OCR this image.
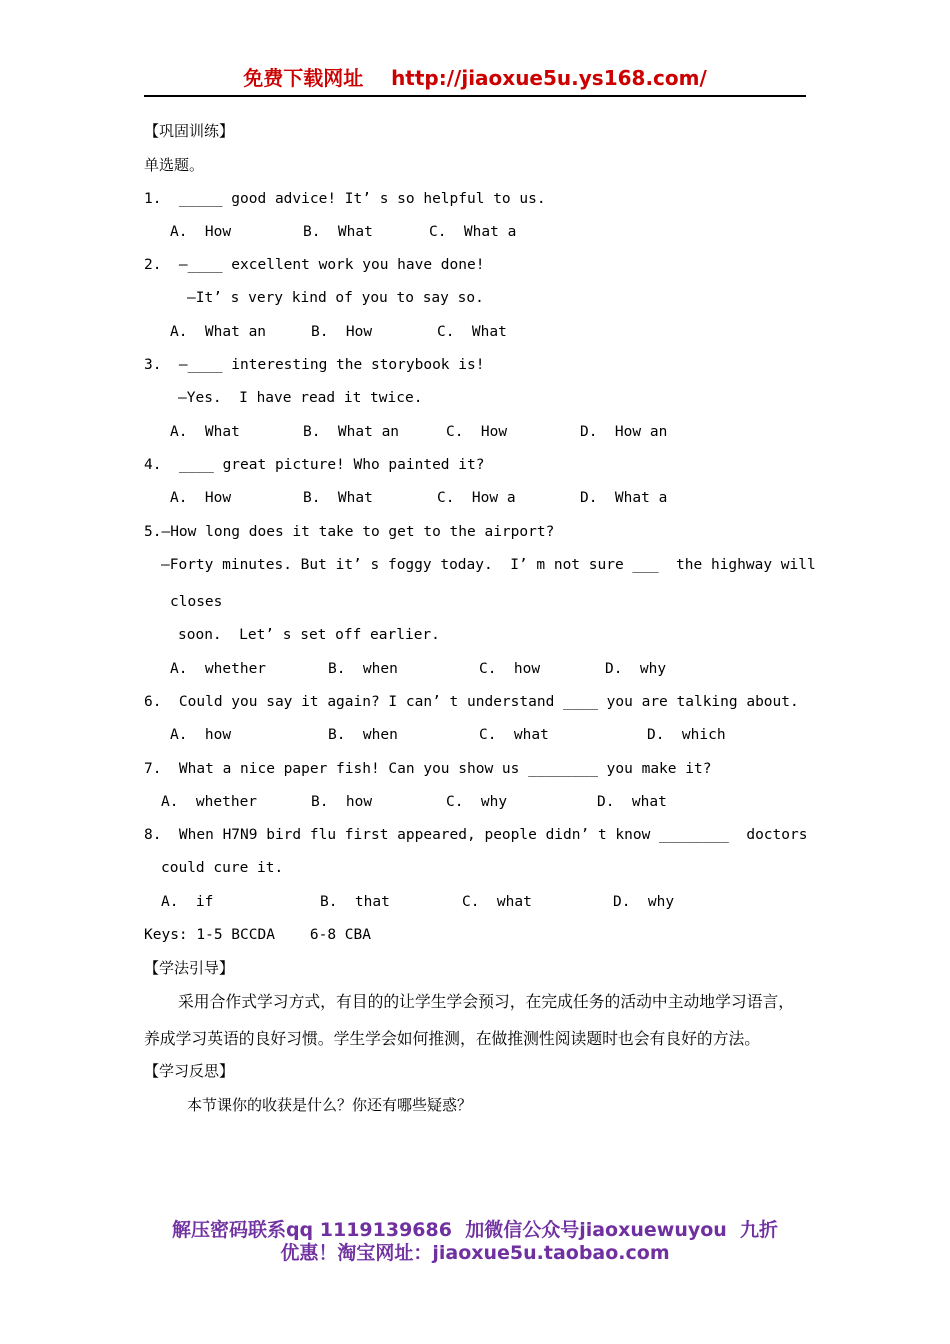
免费下载网址 http://jiaoxue5u.ys168.com/
【巩固训练】
单选题。
1.  _____ good advice! It’ s so helpful to us.
A.  How	B.  What	C.  What a
2.  —____ excellent work you have done!
—It’ s very kind of you to say so.
A.  What an	B.  How	C.  What
3.  —____ interesting the storybook is!
—Yes.  I have read it twice.
A.  What	B.  What an	C.  How	D.  How an
4.  ____ great picture! Who painted it?
A.  How	B.  What	C.  How a	D.  What a
5.—How long does it take to get to the airport?
—Forty minutes. But it’ s foggy today.  I’ m not sure ___  the highway will
closes
soon.  Let’ s set off earlier.
A.  whether	B.  when	C.  how	D.  why
6.  Could you say it again? I can’ t understand ____ you are talking about.
A.  how	B.  when	C.  what	D.  which
7.  What a nice paper fish! Can you show us ________ you make it?
A.  whether	B.  how	C.  why	D.  what
8.  When H7N9 bird flu first appeared, people didn’ t know ________  doctors
could cure it.
A.  if	B.  that	C.  what	D.  why
Keys: 1-5 BCCDA    6-8 CBA
【学法引导】
采用合作式学习方式，有目的的让学生学会预习，在完成任务的活动中主动地学习语言，
养成学习英语的良好习惯。学生学会如何推测，在做推测性阅读题时也会有良好的方法。
【学习反思】
本节课你的收获是什么？你还有哪些疑惑？
解压密码联系qq 1119139686  加微信公众号jiaoxuewuyou  九折
优惠！淘宝网址：jiaoxue5u.taobao.com
